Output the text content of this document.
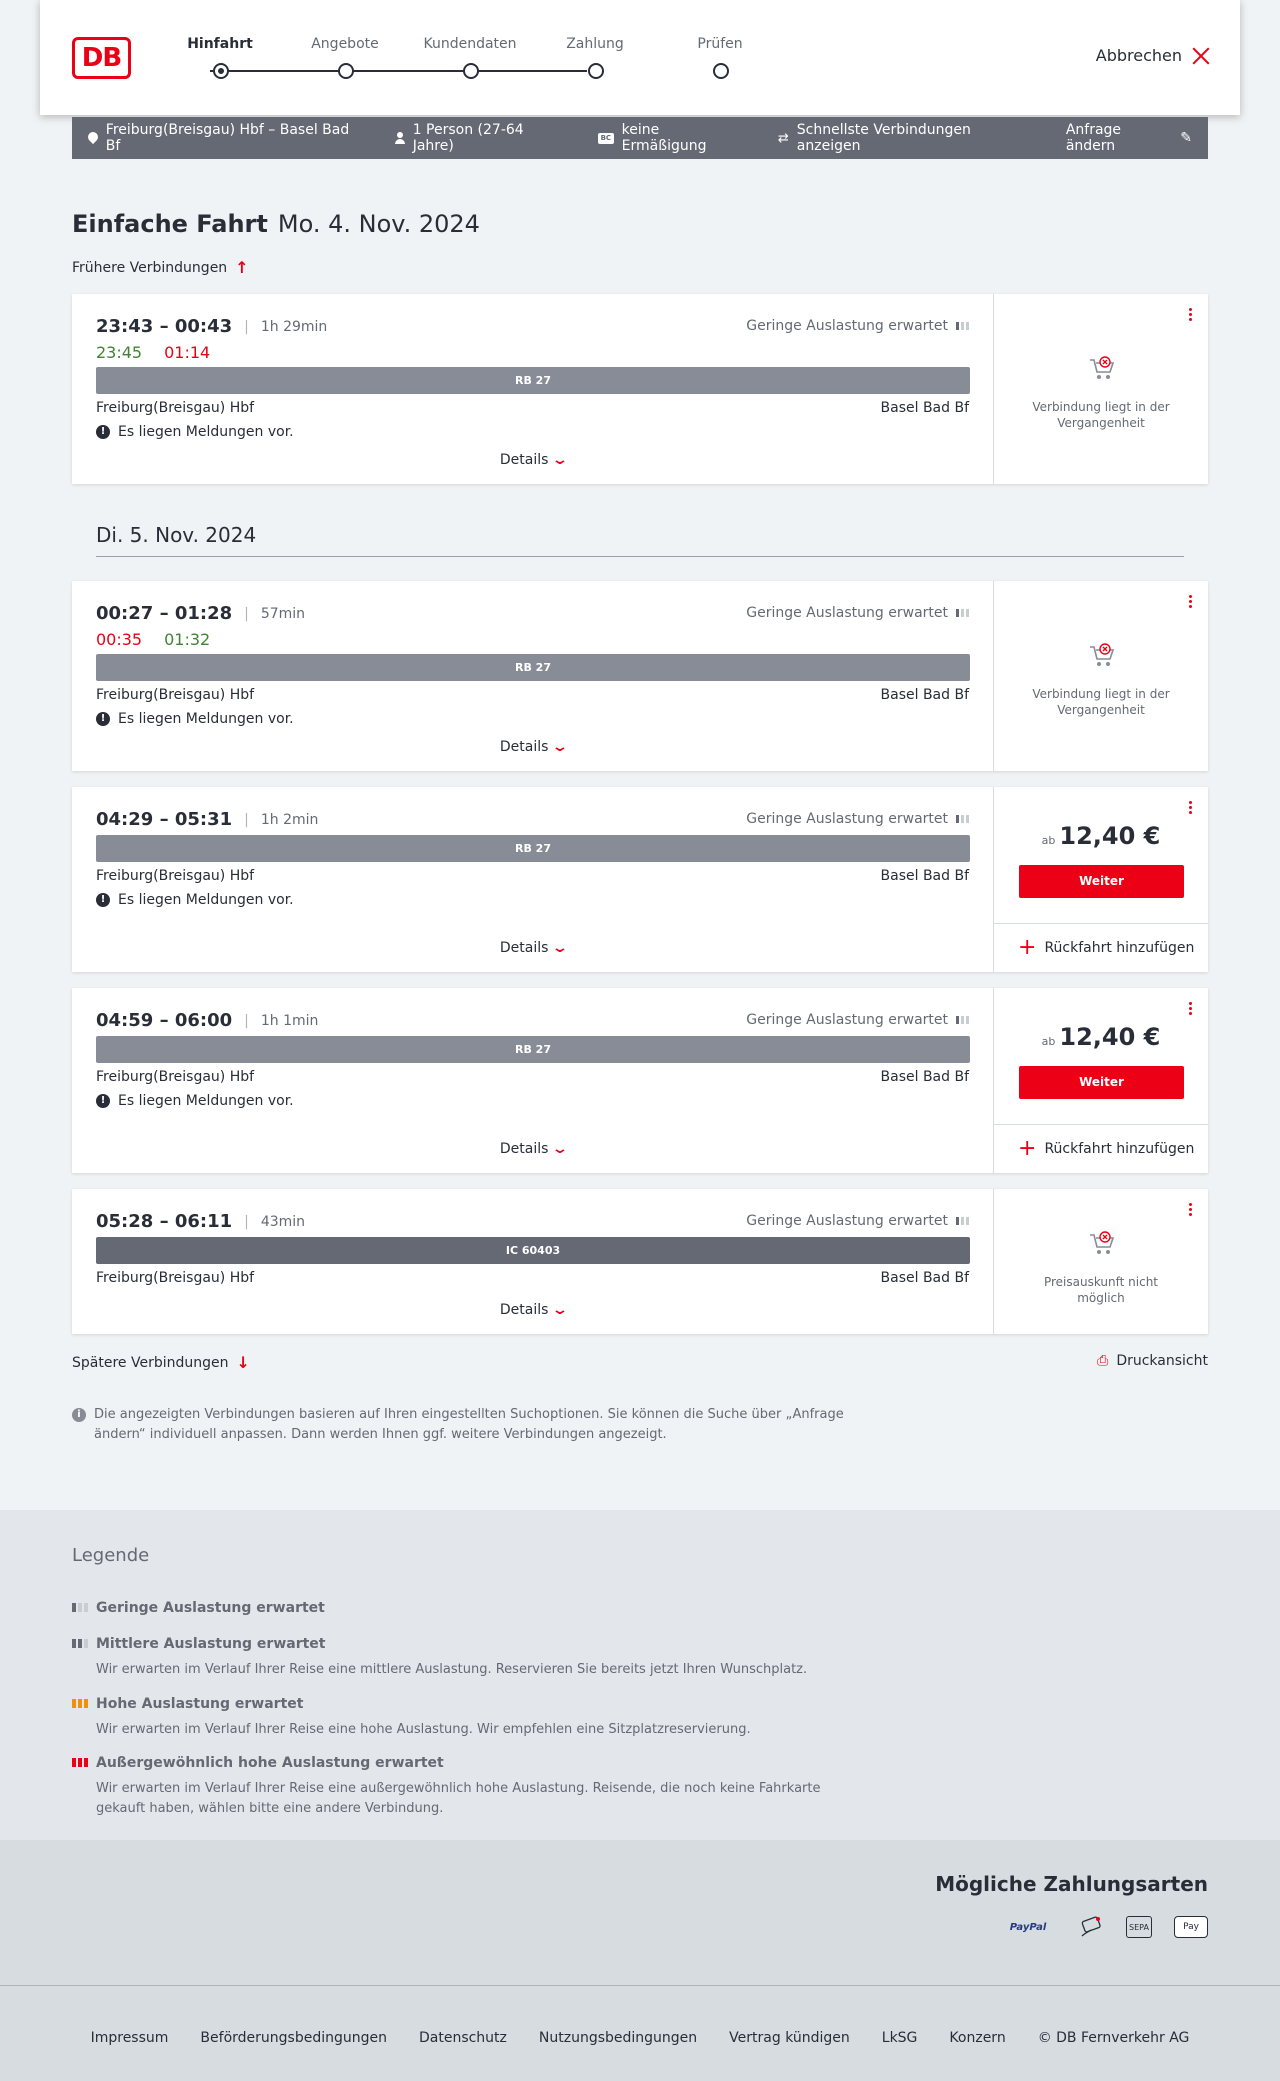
DB	Hinfahrt	Angebote	Kundendaten	Zahlung	Prüfen
Abbrechen
Freiburg(Breisgau) Hbf – Basel Bad Bf
1 Person (27-64 Jahre)
BC keine Ermäßigung	⇄ Schnellste Verbindungen anzeigen
Anfrage ändern	✎
Einfache Fahrt Mo. 4. Nov. 2024
Frühere Verbindungen ↑
23:43 – 00:43	| 1h 29min
23:45 01:14
Geringe Auslastung erwartet
RB 27
Freiburg(Breisgau) Hbf	Basel Bad Bf
! Es liegen Meldungen vor.
Details ⌄
Verbindung liegt in der Vergangenheit
Di. 5. Nov. 2024
00:27 – 01:28	| 57min
00:35 01:32
Geringe Auslastung erwartet
RB 27
Freiburg(Breisgau) Hbf	Basel Bad Bf
! Es liegen Meldungen vor.
Details ⌄
Verbindung liegt in der Vergangenheit
04:29 – 05:31	| 1h 2min	Geringe Auslastung erwartet
RB 27
Freiburg(Breisgau) Hbf	Basel Bad Bf
! Es liegen Meldungen vor.
Details ⌄
ab 12,40 €
Weiter
+ Rückfahrt hinzufügen
04:59 – 06:00	| 1h 1min	Geringe Auslastung erwartet
RB 27
Freiburg(Breisgau) Hbf	Basel Bad Bf
! Es liegen Meldungen vor.
Details ⌄
ab 12,40 €
Weiter
+ Rückfahrt hinzufügen
05:28 – 06:11	| 43min	Geringe Auslastung erwartet
IC 60403
Freiburg(Breisgau) Hbf	Basel Bad Bf
Details ⌄
Preisauskunft nicht möglich
Spätere Verbindungen ↓	⎙ Druckansicht
i	Die angezeigten Verbindungen basieren auf Ihren eingestellten Suchoptionen. Sie können die Suche über „Anfrage ändern“ individuell anpassen. Dann werden Ihnen ggf. weitere Verbindungen angezeigt.
Legende
Geringe Auslastung erwartet
Mittlere Auslastung erwartet
Wir erwarten im Verlauf Ihrer Reise eine mittlere Auslastung. Reservieren Sie bereits jetzt Ihren Wunschplatz.
Hohe Auslastung erwartet
Wir erwarten im Verlauf Ihrer Reise eine hohe Auslastung. Wir empfehlen eine Sitzplatzreservierung.
Außergewöhnlich hohe Auslastung erwartet
Wir erwarten im Verlauf Ihrer Reise eine außergewöhnlich hohe Auslastung. Reisende, die noch keine Fahrkarte gekauft haben, wählen bitte eine andere Verbindung.
Mögliche Zahlungsarten
PayPal	SEPA	Pay
Impressum Beförderungsbedingungen Datenschutz Nutzungsbedingungen Vertrag kündigen LkSG Konzern © DB Fernverkehr AG
